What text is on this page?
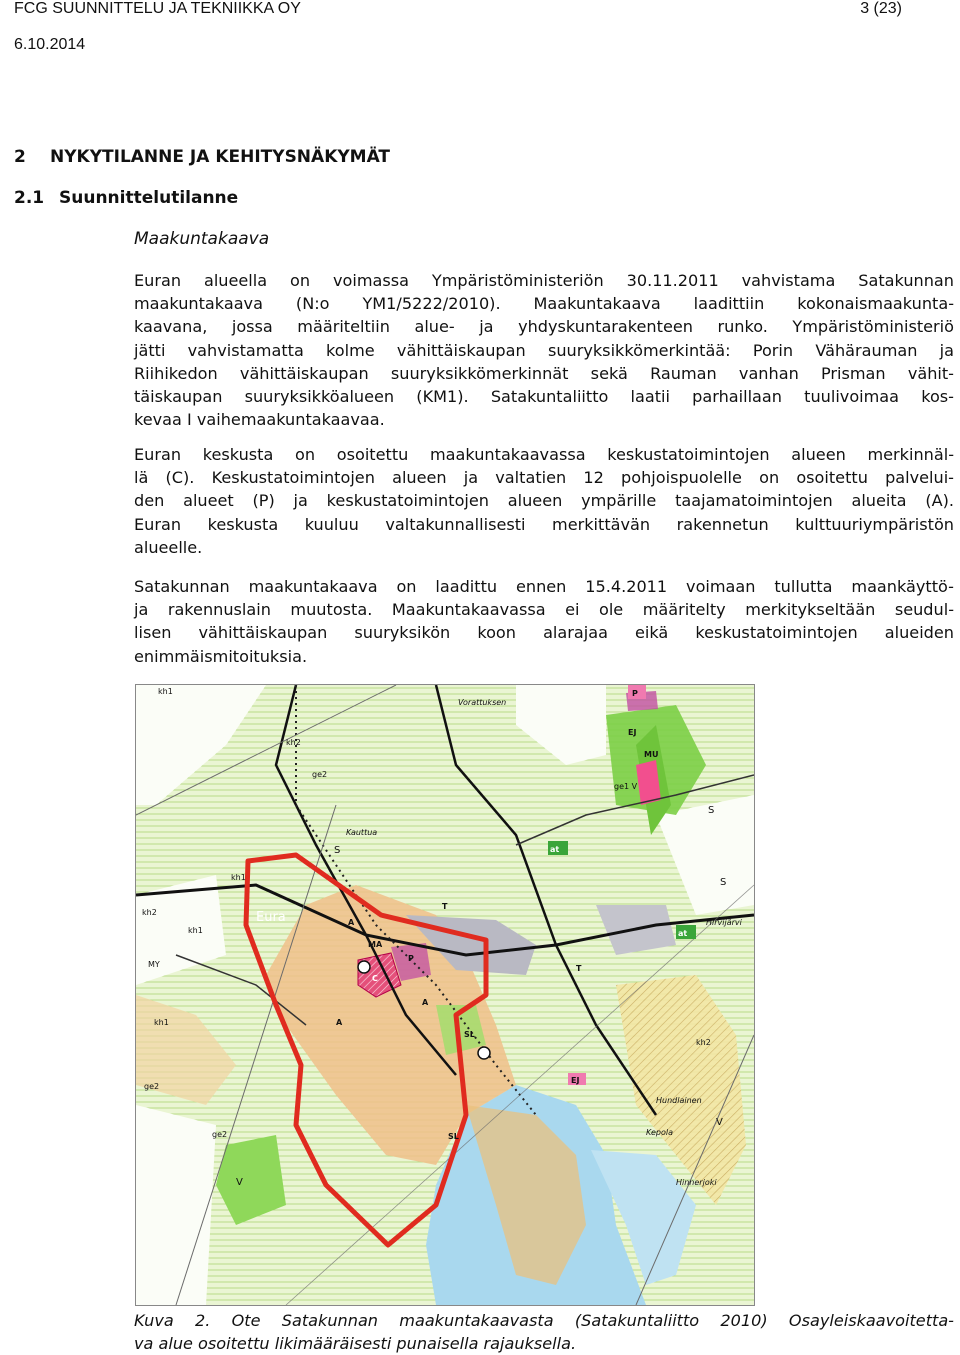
FCG SUUNNITTELU JA TEKNIIKKA OY	3 (23)
6.10.2014
2 NYKYTILANNE JA KEHITYSNÄKYMÄT
2.1 Suunnittelutilanne
Maakuntakaava
Euran alueella on voimassa Ympäristöministeriön 30.11.2011 vahvistama Satakunnan
maakuntakaava (N:o YM1/5222/2010). Maakuntakaava laadittiin kokonaismaakunta-
kaavana, jossa määriteltiin alue- ja yhdyskuntarakenteen runko. Ympäristöministeriö
jätti vahvistamatta kolme vähittäiskaupan suuryksikkömerkintää: Porin Vähärauman ja
Riihikedon vähittäiskaupan suuryksikkömerkinnät sekä Rauman vanhan Prisman vähit-
täiskaupan suuryksikköalueen (KM1). Satakuntaliitto laatii parhaillaan tuulivoimaa kos-
kevaa I vaihemaakuntakaavaa.
Euran keskusta on osoitettu maakuntakaavassa keskustatoimintojen alueen merkinnäl-
lä (C). Keskustatoimintojen alueen ja valtatien 12 pohjoispuolelle on osoitettu palvelui-
den alueet (P) ja keskustatoimintojen alueen ympärille taajamatoimintojen alueita (A).
Euran keskusta kuuluu valtakunnallisesti merkittävän rakennetun kulttuuriympäristön
alueelle.
Satakunnan maakuntakaava on laadittu ennen 15.4.2011 voimaan tullutta maankäyttö-
ja rakennuslain muutosta. Maakuntakaavassa ei ole määritelty merkitykseltään seudul-
lisen vähittäiskaupan suuryksikön koon alarajaa eikä keskustatoimintojen alueiden
enimmäismitoituksia.
kh1
kh1
kh1
kh1
kh2
kh2
kh2
P
P
EJ
MU
ge1 V
ge2
ge2
ge2
S
S
S	at
at
A
A
A
MA
C
T
T
SL
SL
EJ
V
V
MY
Eura
Kepola
Hinnerjoki
Hirvijärvi
Vorattuksen
Hundlainen
Kauttua
Kuva 2. Ote Satakunnan maakuntakaavasta (Satakuntaliitto 2010) Osayleiskaavoitetta-
va alue osoitettu likimääräisesti punaisella rajauksella.
